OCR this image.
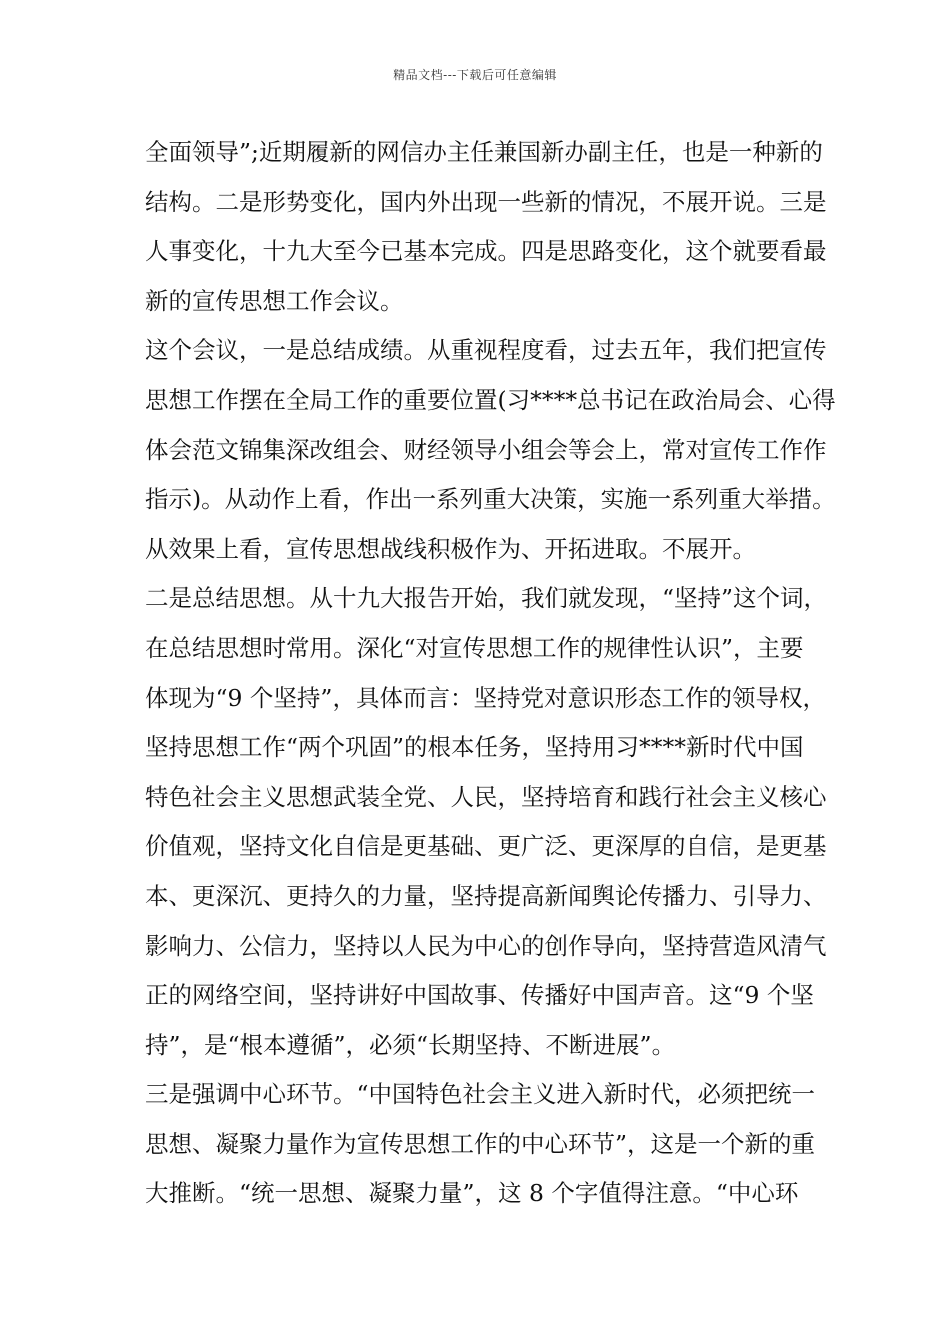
精品文档---下载后可任意编辑
全面领导”;近期履新的网信办主任兼国新办副主任，也是一种新的
结构。二是形势变化，国内外出现一些新的情况，不展开说。三是
人事变化，十九大至今已基本完成。四是思路变化，这个就要看最
新的宣传思想工作会议。
这个会议，一是总结成绩。从重视程度看，过去五年，我们把宣传
思想工作摆在全局工作的重要位置(习****总书记在政治局会、心得
体会范文锦集深改组会、财经领导小组会等会上，常对宣传工作作
指示)。从动作上看，作出一系列重大决策，实施一系列重大举措。
从效果上看，宣传思想战线积极作为、开拓进取。不展开。
二是总结思想。从十九大报告开始，我们就发现，“坚持”这个词，
在总结思想时常用。深化“对宣传思想工作的规律性认识”，主要
体现为“9 个坚持”，具体而言：坚持党对意识形态工作的领导权，
坚持思想工作“两个巩固”的根本任务，坚持用习****新时代中国
特色社会主义思想武装全党、人民，坚持培育和践行社会主义核心
价值观，坚持文化自信是更基础、更广泛、更深厚的自信，是更基
本、更深沉、更持久的力量，坚持提高新闻舆论传播力、引导力、
影响力、公信力，坚持以人民为中心的创作导向，坚持营造风清气
正的网络空间，坚持讲好中国故事、传播好中国声音。这“9 个坚
持”，是“根本遵循”，必须“长期坚持、不断进展”。
三是强调中心环节。“中国特色社会主义进入新时代，必须把统一
思想、凝聚力量作为宣传思想工作的中心环节”，这是一个新的重
大推断。“统一思想、凝聚力量”，这 8 个字值得注意。“中心环
